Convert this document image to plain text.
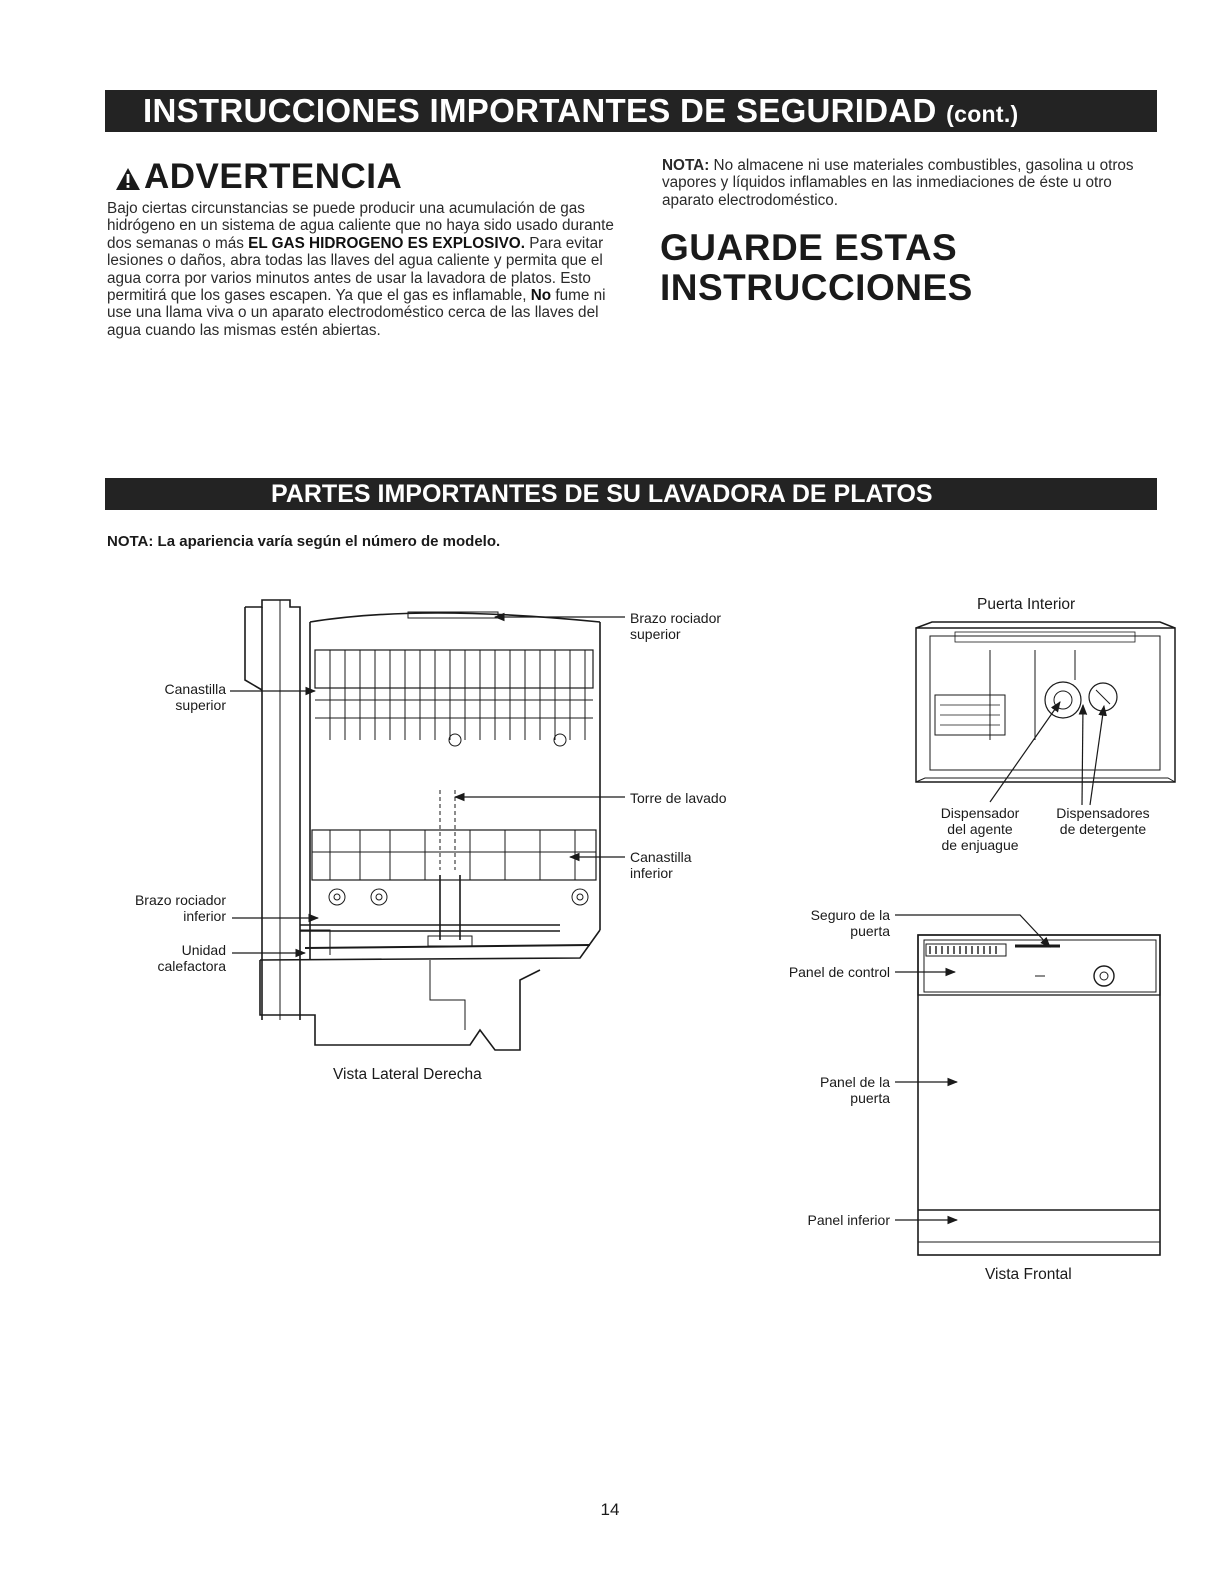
INSTRUCCIONES IMPORTANTES DE SEGURIDAD (cont.)
ADVERTENCIA
Bajo ciertas circunstancias se puede producir una acumulación de gas hidrógeno en un sistema de agua caliente que no haya sido usado durante dos semanas o más EL GAS HIDROGENO ES EXPLOSIVO. Para evitar lesiones o daños, abra todas las llaves del agua caliente y permita que el agua corra por varios minutos antes de usar la lavadora de platos. Esto permitirá que los gases escapen. Ya que el gas es inflamable, No fume ni use una llama viva o un aparato electrodoméstico cerca de las llaves del agua cuando las mismas estén abiertas.
NOTA: No almacene ni use materiales combustibles, gasolina u otros vapores y líquidos inflamables en las inmediaciones de éste u otro aparato electrodoméstico.
GUARDE ESTAS INSTRUCCIONES
PARTES IMPORTANTES DE SU LAVADORA DE PLATOS
NOTA: La apariencia varía según el número de modelo.
Brazo rociador
superior
Canastilla
superior
Torre de lavado
Canastilla
inferior
Brazo rociador
inferior
Unidad
calefactora
Vista Lateral Derecha
Puerta Interior
Dispensador
del agente
de enjuague
Dispensadores
de detergente
Seguro de la
puerta
Panel de control
Panel de la
puerta
Panel inferior
Vista Frontal
14
